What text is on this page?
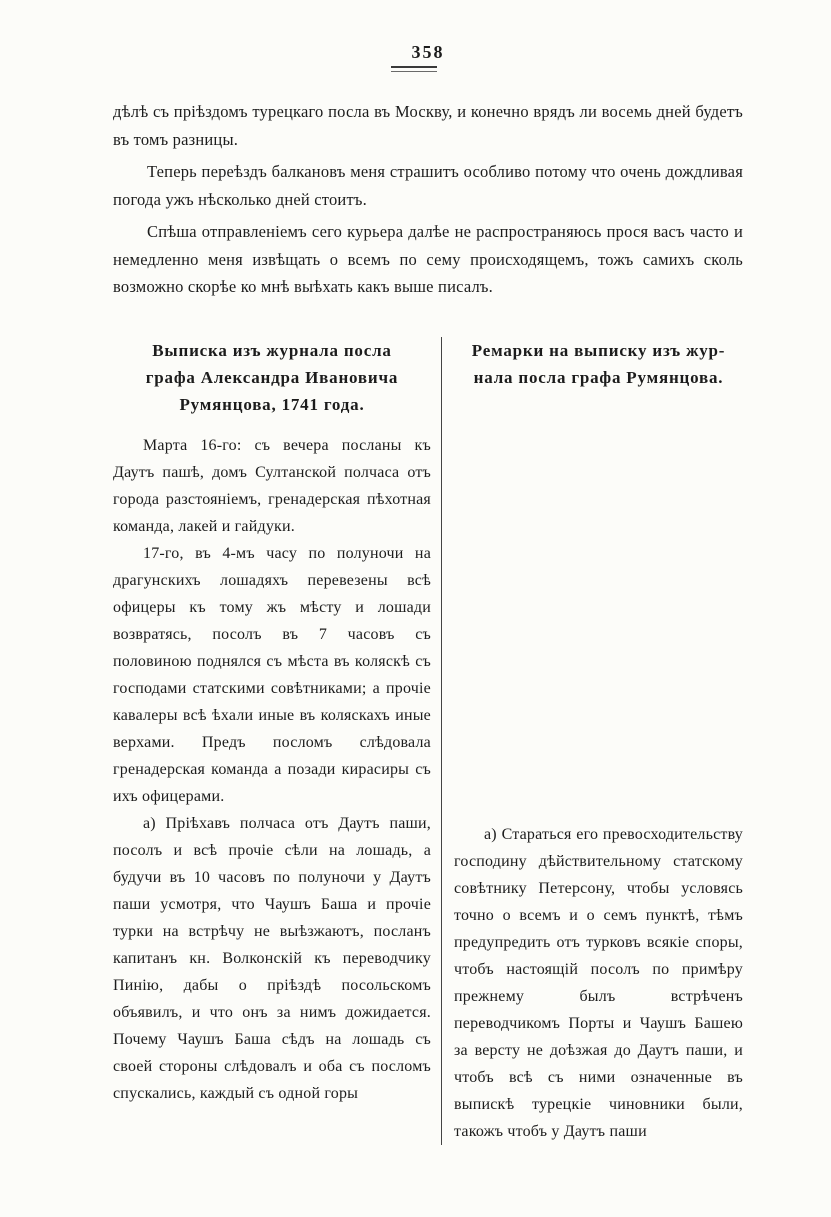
358

дѣлѣ съ пріѣздомъ турецкаго посла въ Москву, и конечно врядъ ли восемь дней будетъ въ томъ разницы.

Теперь переѣздъ балкановъ меня страшитъ особливо потому что очень дождливая погода ужъ нѣсколько дней стоитъ.

Спѣша отправленіемъ сего курьера далѣе не распространяюсь прося васъ часто и немедленно меня извѣщать о всемъ по сему происходящемъ, тожъ самихъ сколь возможно скорѣе ко мнѣ выѣхать какъ выше писалъ.

Выписка изъ журнала посла
графа Александра Ивановича
Румянцова, 1741 года.

Марта 16-го: съ вечера посланы къ Даутъ пашѣ, домъ Султанской полчаса отъ города разстояніемъ, гренадерская пѣхотная команда, лакей и гайдуки.

17-го, въ 4-мъ часу по полуночи на драгунскихъ лошадяхъ перевезены всѣ офицеры къ тому жъ мѣсту и лошади возвратясь, посолъ въ 7 часовъ съ половиною поднялся съ мѣста въ коляскѣ съ господами статскими совѣтниками; а прочіе кавалеры всѣ ѣхали иные въ коляскахъ иные верхами. Предъ посломъ слѣдовала гренадерская команда а позади кирасиры съ ихъ офицерами.

а) Пріѣхавъ полчаса отъ Даутъ паши, посолъ и всѣ прочіе сѣли на лошадь, а будучи въ 10 часовъ по полуночи у Даутъ паши усмотря, что Чаушъ Баша и прочіе турки на встрѣчу не выѣзжаютъ, посланъ капитанъ кн. Волконскій къ переводчику Пинію, дабы о пріѣздѣ посольскомъ объявилъ, и что онъ за нимъ дожидается. Почему Чаушъ Баша сѣдъ на лошадь съ своей стороны слѣдовалъ и оба съ посломъ спускались, каждый съ одной горы

Ремарки на выписку изъ жур-
нала посла графа Румянцова.

а) Стараться его превосходительству господину дѣйствительному статскому совѣтнику Петерсону, чтобы условясь точно о всемъ и о семъ пунктѣ, тѣмъ предупредить отъ турковъ всякіе споры, чтобъ настоящій посолъ по примѣру прежнему былъ встрѣченъ переводчикомъ Порты и Чаушъ Башею за версту не доѣзжая до Даутъ паши, и чтобъ всѣ съ ними означенные въ выпискѣ турецкіе чиновники были, такожъ чтобъ у Даутъ паши
